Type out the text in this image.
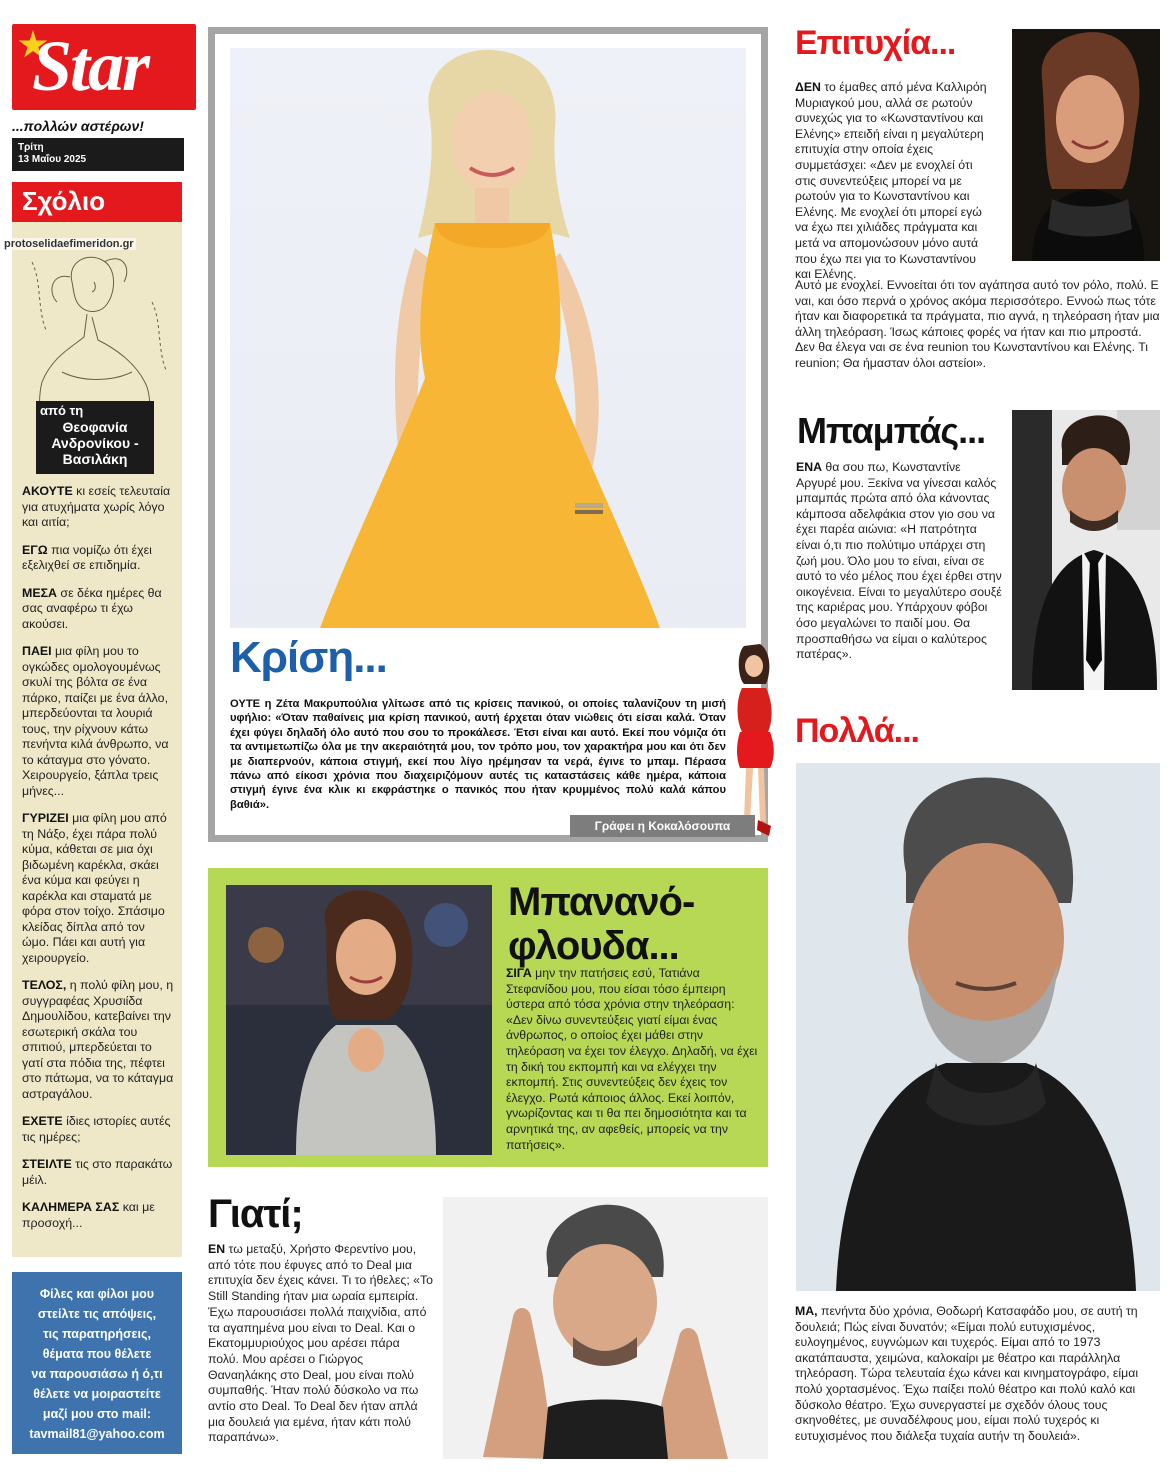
Star
...πολλών αστέρων!
Τρίτη
13 Μαΐου 2025
Σχόλιο
protoselidaefimeridon.gr
από τη
Θεοφανία Ανδρονίκου - Βασιλάκη

ΑΚΟΥΤΕ κι εσείς τελευταία για ατυχήματα χωρίς λόγο και αιτία;

ΕΓΩ πια νομίζω ότι έχει εξελιχθεί σε επιδημία.

ΜΕΣΑ σε δέκα ημέρες θα σας αναφέρω τι έχω ακούσει.

ΠΑΕΙ μια φίλη μου το ογκώδες ομολογουμένως σκυλί της βόλτα σε ένα πάρκο, παίζει με ένα άλλο, μπερδεύονται τα λουριά τους, την ρίχνουν κάτω πενήντα κιλά άνθρωπο, να το κάταγμα στο γόνατο. Χειρουργείο, ξάπλα τρεις μήνες...

ΓΥΡΙΖΕΙ μια φίλη μου από τη Νάξο, έχει πάρα πολύ κύμα, κάθεται σε μια όχι βιδωμένη καρέκλα, σκάει ένα κύμα και φεύγει η καρέκλα και σταματά με φόρα στον τοίχο. Σπάσιμο κλείδας δίπλα από τον ώμο. Πάει και αυτή για χειρουργείο.

ΤΕΛΟΣ, η πολύ φίλη μου, η συγγραφέας Χρυσιίδα Δημουλίδου, κατεβαίνει την εσωτερική σκάλα του σπιτιού, μπερδεύεται το γατί στα πόδια της, πέφτει στο πάτωμα, να το κάταγμα αστραγάλου.

ΕΧΕΤΕ ίδιες ιστορίες αυτές τις ημέρες;

ΣΤΕΙΛΤΕ τις στο παρακάτω μέιλ.

ΚΑΛΗΜΕΡΑ ΣΑΣ και με προσοχή...

Φίλες και φίλοι μου
στείλτε τις απόψεις,
τις παρατηρήσεις,
θέματα που θέλετε
να παρουσιάσω ή ό,τι
θέλετε να μοιραστείτε
μαζί μου στο mail:
tavmail81@yahoo.com
Κρίση...
ΟΥΤΕ η Ζέτα Μακρυπούλια γλίτωσε από τις κρίσεις πανικού, οι οποίες ταλανίζουν τη μισή υφήλιο: «Όταν παθαίνεις μια κρίση πανικού, αυτή έρχεται όταν νιώθεις ότι είσαι καλά. Όταν έχει φύγει δηλαδή όλο αυτό που σου το προκάλεσε. Έτσι είναι και αυτό. Εκεί που νόμιζα ότι τα αντιμετωπίζω όλα με την ακεραιότητά μου, τον τρόπο μου, τον χαρακτήρα μου και ότι δεν με διαπερνούν, κάποια στιγμή, εκεί που λίγο ηρέμησαν τα νερά, έγινε το μπαμ. Πέρασα πάνω από είκοσι χρόνια που διαχειριζόμουν αυτές τις καταστάσεις κάθε ημέρα, κάποια στιγμή έγινε ένα κλικ κι εκφράστηκε ο πανικός που ήταν κρυμμένος πολύ καλά κάπου βαθιά».
Γράφει η Κοκαλόσουπα
Μπανανό-
φλουδα...
ΣΙΓΑ μην την πατήσεις εσύ, Τατιάνα Στεφανίδου μου, που είσαι τόσο έμπειρη ύστερα από τόσα χρόνια στην τηλεόραση: «Δεν δίνω συνεντεύξεις γιατί είμαι ένας άνθρωπος, ο οποίος έχει μάθει στην τηλεόραση να έχει τον έλεγχο. Δηλαδή, να έχει τη δική του εκπομπή και να ελέγχει την εκπομπή. Στις συνεντεύξεις δεν έχεις τον έλεγχο. Ρωτά κάποιος άλλος. Εκεί λοιπόν, γνωρίζοντας και τι θα πει δημοσιότητα και τα αρνητικά της, αν αφεθείς, μπορείς να την πατήσεις».
Γιατί;
ΕΝ τω μεταξύ, Χρήστο Φερεντίνο μου, από τότε που έφυγες από το Deal μια επιτυχία δεν έχεις κάνει. Τι το ήθελες; «Το Still Standing ήταν μια ωραία εμπειρία. Έχω παρουσιάσει πολλά παιχνίδια, από τα αγαπημένα μου είναι το Deal. Και ο Εκατομμυριούχος μου αρέσει πάρα πολύ. Μου αρέσει ο Γιώργος Θαναηλάκης στο Deal, μου είναι πολύ συμπαθής. Ήταν πολύ δύσκολο να πω αντίο στο Deal. Το Deal δεν ήταν απλά μια δουλειά για εμένα, ήταν κάτι πολύ παραπάνω».
Επιτυχία...
ΔΕΝ το έμαθες από μένα Καλλιρόη Μυριαγκού μου, αλλά σε ρωτούν συνεχώς για το «Κωνσταντίνου και Ελένης» επειδή είναι η μεγαλύτερη επιτυχία στην οποία έχεις συμμετάσχει: «Δεν με ενοχλεί ότι στις συνεντεύξεις μπορεί να με ρωτούν για το Κωνσταντίνου και Ελένης. Με ενοχλεί ότι μπορεί εγώ να έχω πει χιλιάδες πράγματα και μετά να απομονώσουν μόνο αυτά που έχω πει για το Κωνσταντίνου και Ελένης.
Αυτό με ενοχλεί. Εννοείται ότι τον αγάπησα αυτό τον ρόλο, πολύ. Ε ναι, και όσο περνά ο χρόνος ακόμα περισσότερο. Εννοώ πως τότε ήταν και διαφορετικά τα πράγματα, πιο αγνά, η τηλεόραση ήταν μια άλλη τηλεόραση. Ίσως κάποιες φορές να ήταν και πιο μπροστά. Δεν θα έλεγα ναι σε ένα reunion του Κωνσταντίνου και Ελένης. Τι reunion; Θα ήμασταν όλοι αστείοι».
Μπαμπάς...
ΕΝΑ θα σου πω, Κωνσταντίνε Αργυρέ μου. Ξεκίνα να γίνεσαι καλός μπαμπάς πρώτα από όλα κάνοντας κάμποσα αδελφάκια στον γιο σου να έχει παρέα αιώνια: «Η πατρότητα είναι ό,τι πιο πολύτιμο υπάρχει στη ζωή μου. Όλο μου το είναι, είναι σε αυτό το νέο μέλος που έχει έρθει στην οικογένεια. Είναι το μεγαλύτερο σουξέ της καριέρας μου. Υπάρχουν φόβοι όσο μεγαλώνει το παιδί μου. Θα προσπαθήσω να είμαι ο καλύτερος πατέρας».
Πολλά...
ΜΑ, πενήντα δύο χρόνια, Θοδωρή Κατσαφάδο μου, σε αυτή τη δουλειά; Πώς είναι δυνατόν; «Είμαι πολύ ευτυχισμένος, ευλογημένος, ευγνώμων και τυχερός. Είμαι από το 1973 ακατάπαυστα, χειμώνα, καλοκαίρι με θέατρο και παράλληλα τηλεόραση. Τώρα τελευταία έχω κάνει και κινηματογράφο, είμαι πολύ χορτασμένος. Έχω παίξει πολύ θέατρο και πολύ καλό και δύσκολο θέατρο. Έχω συνεργαστεί με σχεδόν όλους τους σκηνοθέτες, με συναδέλφους μου, είμαι πολύ τυχερός κι ευτυχισμένος που διάλεξα τυχαία αυτήν τη δουλειά».
